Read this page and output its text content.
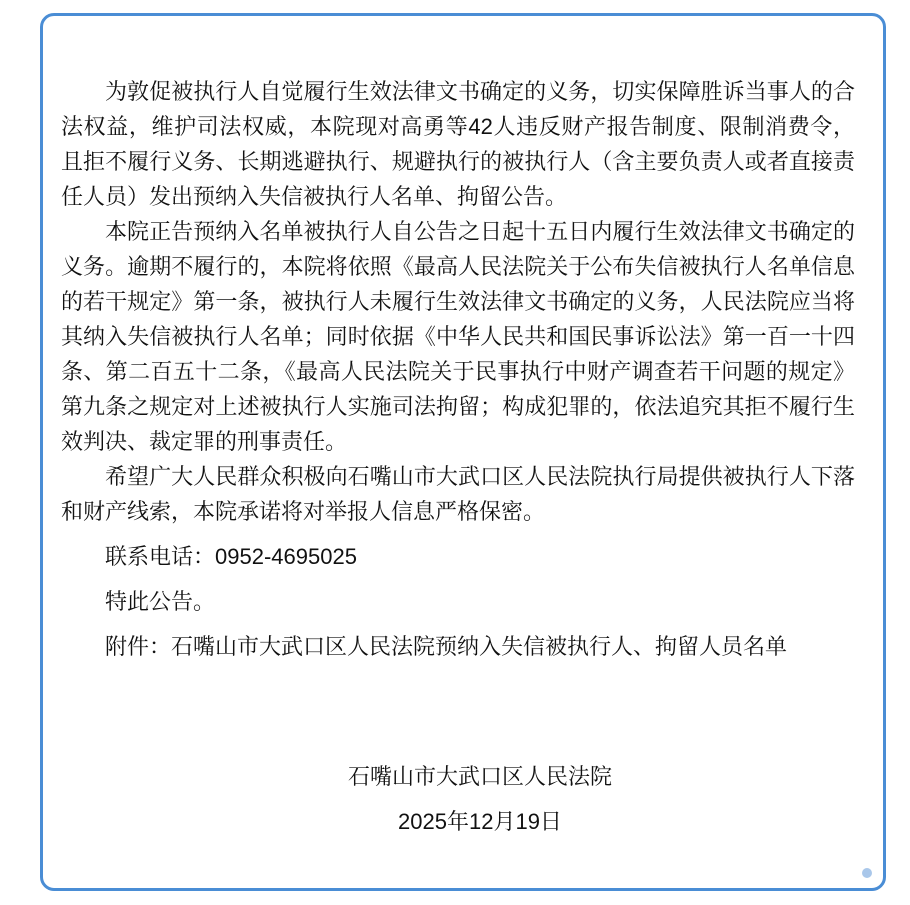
为敦促被执行人自觉履行生效法律文书确定的义务，切实保障胜诉当事人的合法权益，维护司法权威，本院现对高勇等42人违反财产报告制度、限制消费令，且拒不履行义务、长期逃避执行、规避执行的被执行人（含主要负责人或者直接责任人员）发出预纳入失信被执行人名单、拘留公告。

本院正告预纳入名单被执行人自公告之日起十五日内履行生效法律文书确定的义务。逾期不履行的，本院将依照《最高人民法院关于公布失信被执行人名单信息的若干规定》第一条，被执行人未履行生效法律文书确定的义务，人民法院应当将其纳入失信被执行人名单；同时依据《中华人民共和国民事诉讼法》第一百一十四条、第二百五十二条，《最高人民法院关于民事执行中财产调查若干问题的规定》第九条之规定对上述被执行人实施司法拘留；构成犯罪的，依法追究其拒不履行生效判决、裁定罪的刑事责任。

希望广大人民群众积极向石嘴山市大武口区人民法院执行局提供被执行人下落和财产线索，本院承诺将对举报人信息严格保密。

联系电话：0952-4695025

特此公告。

附件：石嘴山市大武口区人民法院预纳入失信被执行人、拘留人员名单

石嘴山市大武口区人民法院

2025年12月19日
